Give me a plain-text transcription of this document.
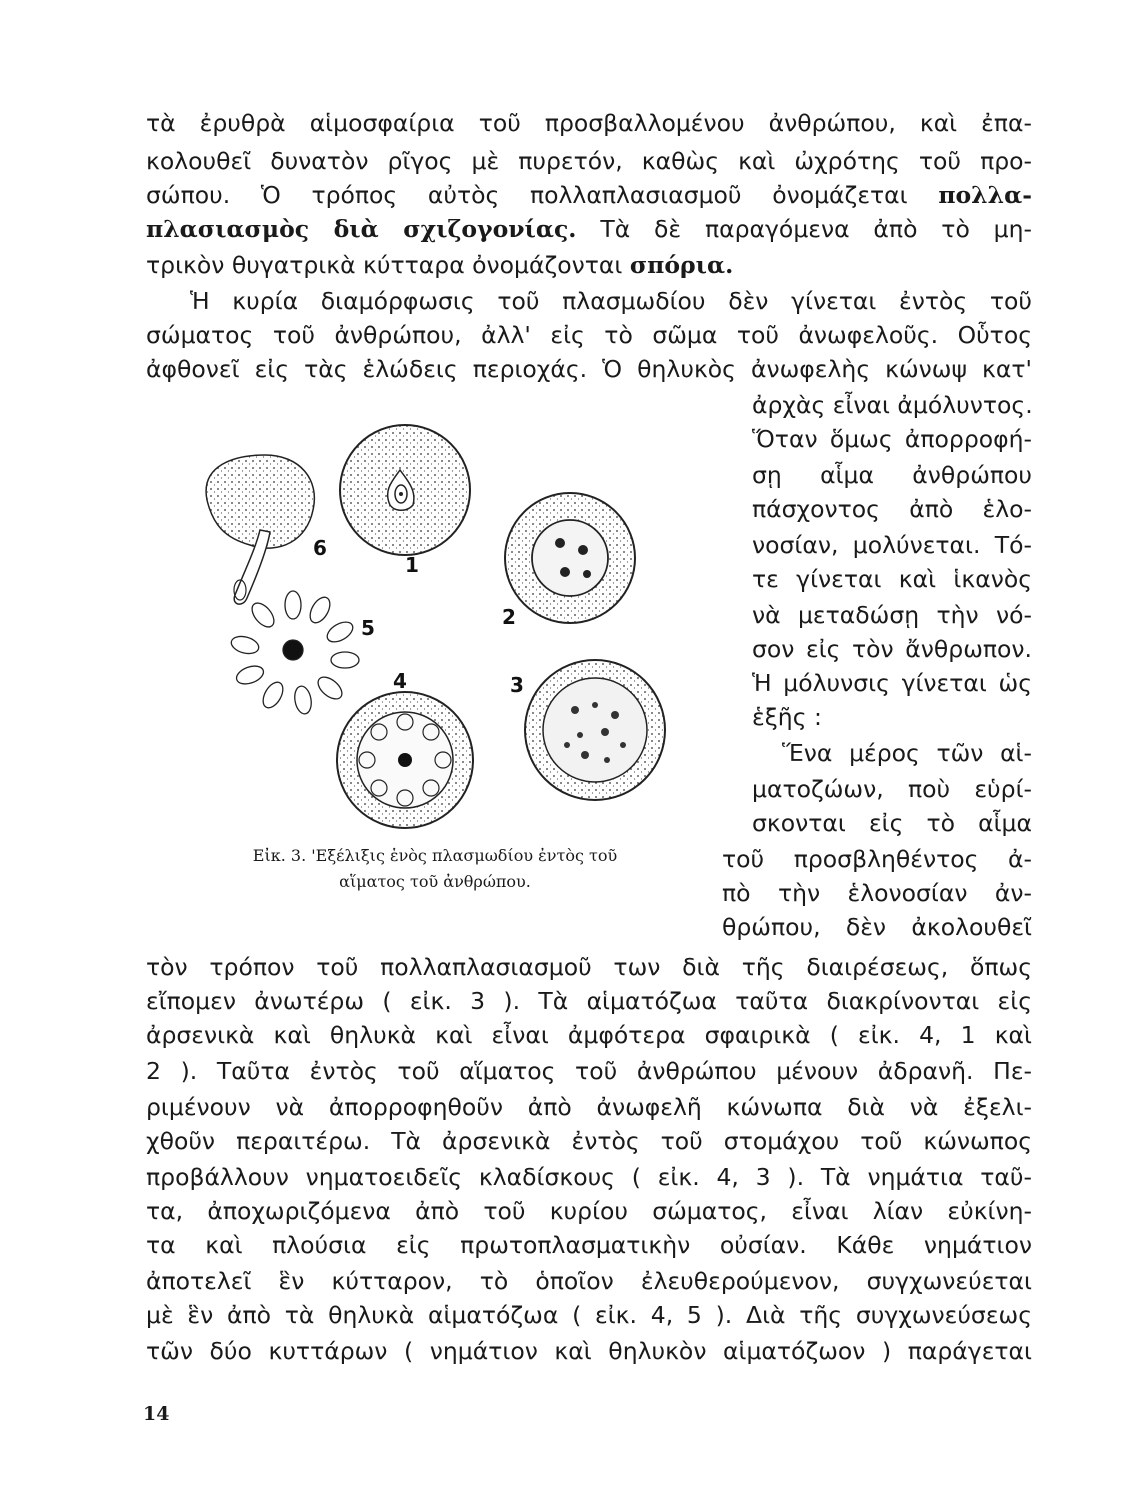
τὰ ἐρυθρὰ αἱμοσφαίρια τοῦ προσβαλλομένου ἀνθρώπου, καὶ ἐπα-
κολουθεῖ δυνατὸν ρῖγος μὲ πυρετόν, καθὼς καὶ ὠχρότης τοῦ προ-
σώπου. Ὁ τρόπος αὐτὸς πολλαπλασιασμοῦ ὀνομάζεται πολλα-
πλασιασμὸς διὰ σχιζογονίας. Τὰ δὲ παραγόμενα ἀπὸ τὸ μη-
τρικὸν θυγατρικὰ κύτταρα ὀνομάζονται σπόρια.
Ἡ κυρία διαμόρφωσις τοῦ πλασμωδίου δὲν γίνεται ἐντὸς τοῦ
σώματος τοῦ ἀνθρώπου, ἀλλ' εἰς τὸ σῶμα τοῦ ἀνωφελοῦς. Οὗτος
ἀφθονεῖ εἰς τὰς ἑλώδεις περιοχάς. Ὁ θηλυκὸς ἀνωφελὴς κώνωψ κατ'
ἀρχὰς εἶναι ἀμόλυντος.
Ὅταν ὅμως ἀπορροφή-
σῃ αἷμα ἀνθρώπου
πάσχοντος ἀπὸ ἑλο-
νοσίαν, μολύνεται. Τό-
τε γίνεται καὶ ἱκανὸς
νὰ μεταδώσῃ τὴν νό-
σον εἰς τὸν ἄνθρωπον.
Ἡ μόλυνσις γίνεται ὡς
ἑξῆς :
Ἕνα μέρος τῶν αἱ-
ματοζώων, ποὺ εὑρί-
σκονται εἰς τὸ αἷμα
τοῦ προσβληθέντος ἀ-
πὸ τὴν ἑλονοσίαν ἀν-
θρώπου, δὲν ἀκολουθεῖ
6
1
5	2
4	3
Εἰκ. 3. 'Εξέλιξις ἑνὸς πλασμωδίου ἐντὸς τοῦ
αἵματος τοῦ ἀνθρώπου.
τὸν τρόπον τοῦ πολλαπλασιασμοῦ των διὰ τῆς διαιρέσεως, ὅπως
εἴπομεν ἀνωτέρω ( εἰκ. 3 ). Τὰ αἱματόζωα ταῦτα διακρίνονται εἰς
ἀρσενικὰ καὶ θηλυκὰ καὶ εἶναι ἀμφότερα σφαιρικὰ ( εἰκ. 4, 1 καὶ
2 ). Ταῦτα ἐντὸς τοῦ αἵματος τοῦ ἀνθρώπου μένουν ἀδρανῆ. Πε-
ριμένουν νὰ ἀπορροφηθοῦν ἀπὸ ἀνωφελῆ κώνωπα διὰ νὰ ἐξελι-
χθοῦν περαιτέρω. Τὰ ἀρσενικὰ ἐντὸς τοῦ στομάχου τοῦ κώνωπος
προβάλλουν νηματοειδεῖς κλαδίσκους ( εἰκ. 4, 3 ). Τὰ νημάτια ταῦ-
τα, ἀποχωριζόμενα ἀπὸ τοῦ κυρίου σώματος, εἶναι λίαν εὐκίνη-
τα καὶ πλούσια εἰς πρωτοπλασματικὴν οὐσίαν. Κάθε νημάτιον
ἀποτελεῖ ἓν κύτταρον, τὸ ὁποῖον ἐλευθερούμενον, συγχωνεύεται
μὲ ἓν ἀπὸ τὰ θηλυκὰ αἱματόζωα ( εἰκ. 4, 5 ). Διὰ τῆς συγχωνεύσεως
τῶν δύο κυττάρων ( νημάτιον καὶ θηλυκὸν αἱματόζωον ) παράγεται
14
